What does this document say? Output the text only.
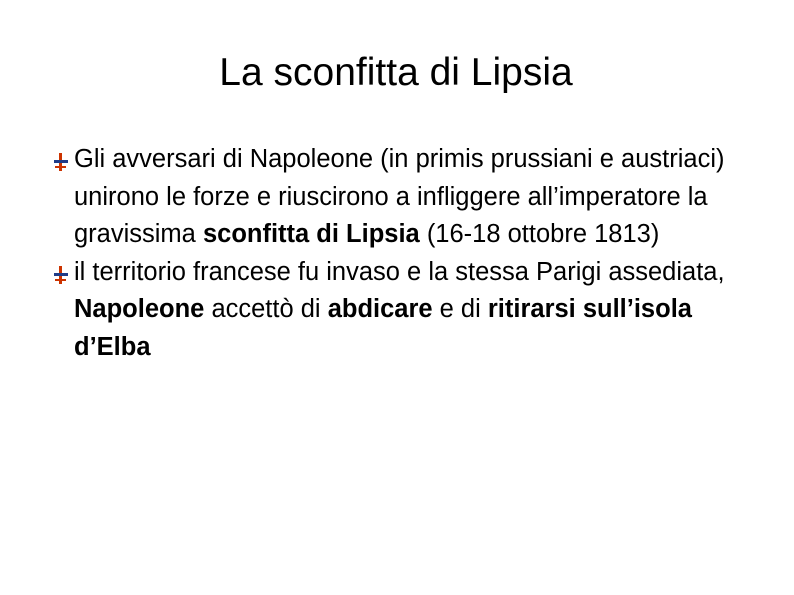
La sconfitta di Lipsia
Gli avversari di Napoleone (in primis prussiani e austriaci) unirono le forze e riuscirono a infliggere all’imperatore la gravissima sconfitta di Lipsia (16-18 ottobre 1813)
il territorio francese fu invaso e la stessa Parigi assediata, Napoleone accettò di abdicare e di ritirarsi sull’isola d’Elba
